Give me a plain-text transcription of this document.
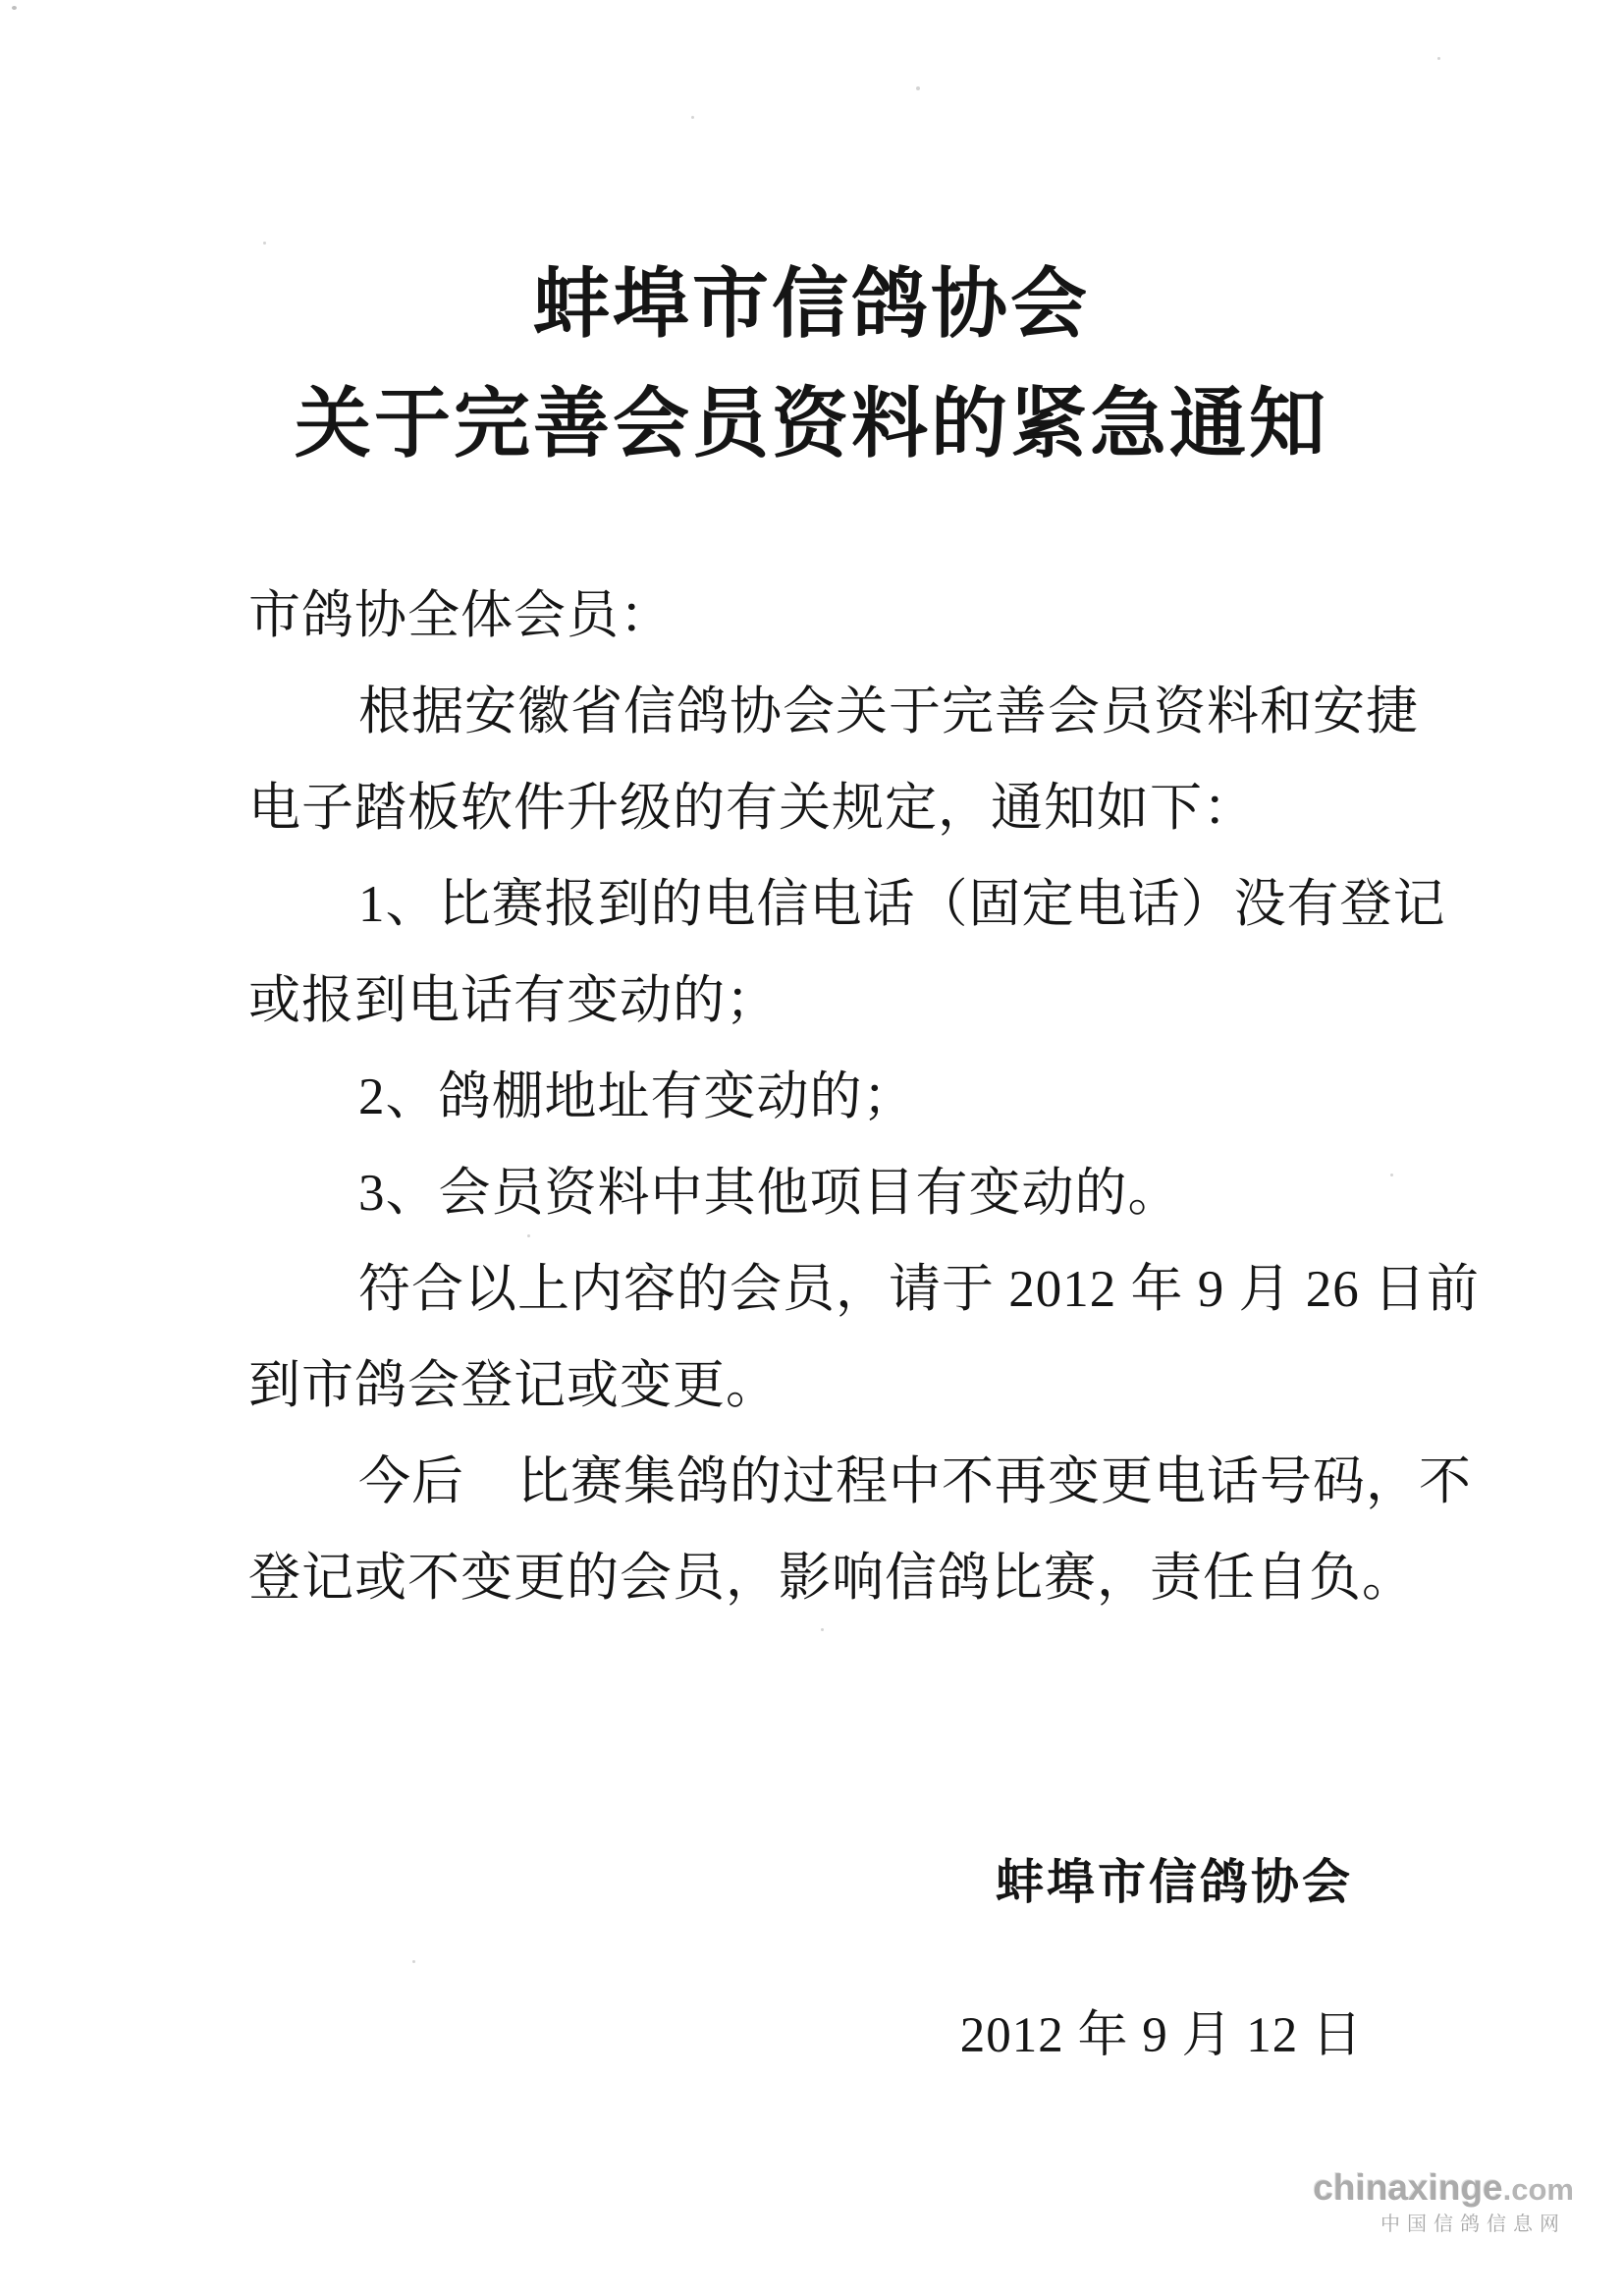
蚌埠市信鸽协会
关于完善会员资料的紧急通知
市鸽协全体会员：
根据安徽省信鸽协会关于完善会员资料和安捷
电子踏板软件升级的有关规定，通知如下：
1、比赛报到的电信电话（固定电话）没有登记
或报到电话有变动的；
2、鸽棚地址有变动的；
3、会员资料中其他项目有变动的。
符合以上内容的会员，请于 2012 年 9 月 26 日前
到市鸽会登记或变更。
今后　比赛集鸽的过程中不再变更电话号码，不
登记或不变更的会员，影响信鸽比赛，责任自负。
蚌埠市信鸽协会
2012 年 9 月 12 日
chinaxinge.com
中国信鸽信息网
